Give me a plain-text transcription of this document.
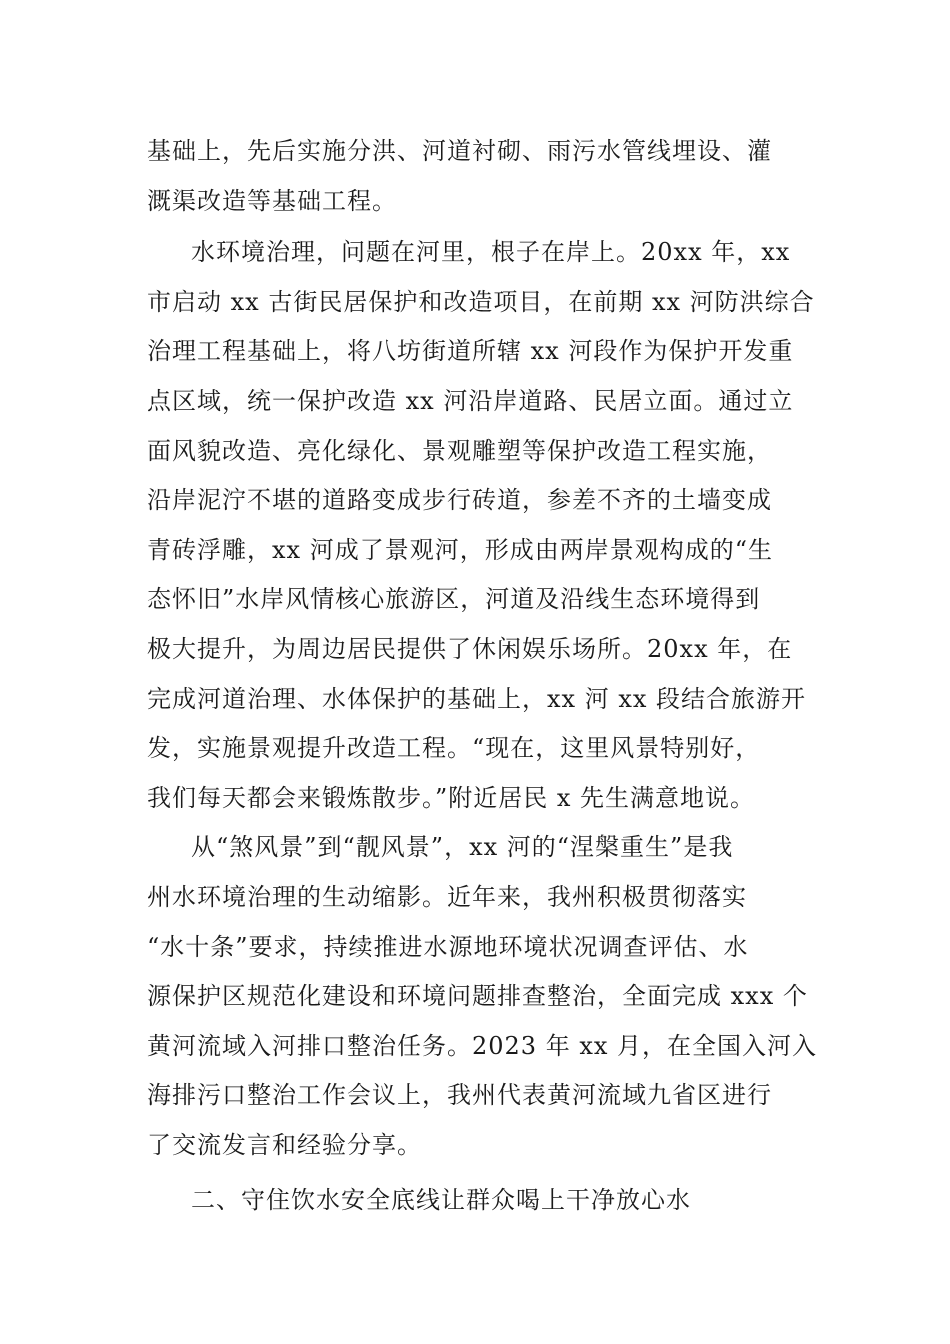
基础上，先后实施分洪、河道衬砌、雨污水管线埋设、灌
溉渠改造等基础工程。
水环境治理，问题在河里，根子在岸上。20xx 年，xx
市启动 xx 古街民居保护和改造项目，在前期 xx 河防洪综合
治理工程基础上，将八坊街道所辖 xx 河段作为保护开发重
点区域，统一保护改造 xx 河沿岸道路、民居立面。通过立
面风貌改造、亮化绿化、景观雕塑等保护改造工程实施，
沿岸泥泞不堪的道路变成步行砖道，参差不齐的土墙变成
青砖浮雕，xx 河成了景观河，形成由两岸景观构成的“生
态怀旧”水岸风情核心旅游区，河道及沿线生态环境得到
极大提升，为周边居民提供了休闲娱乐场所。20xx 年，在
完成河道治理、水体保护的基础上，xx 河 xx 段结合旅游开
发，实施景观提升改造工程。“现在，这里风景特别好，
我们每天都会来锻炼散步。”附近居民 x 先生满意地说。
从“煞风景”到“靓风景”，xx 河的“涅槃重生”是我
州水环境治理的生动缩影。近年来，我州积极贯彻落实
“水十条”要求，持续推进水源地环境状况调查评估、水
源保护区规范化建设和环境问题排查整治，全面完成 xxx 个
黄河流域入河排口整治任务。2023 年 xx 月，在全国入河入
海排污口整治工作会议上，我州代表黄河流域九省区进行
了交流发言和经验分享。
二、守住饮水安全底线让群众喝上干净放心水
